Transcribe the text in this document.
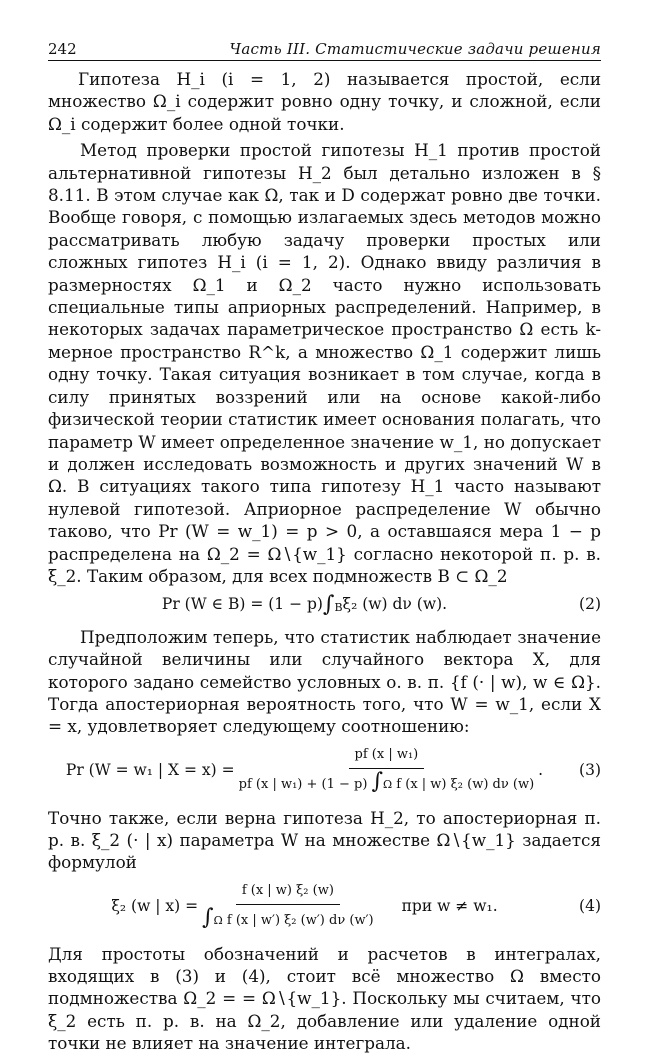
242	Часть III. Статистические задачи решения

Гипотеза H_i (i = 1, 2) называется простой, если множество Ω_i содержит ровно одну точку, и сложной, если Ω_i содержит более одной точки.

Метод проверки простой гипотезы H_1 против простой альтернативной гипотезы H_2 был детально изложен в § 8.11. В этом случае как Ω, так и D содержат ровно две точки. Вообще говоря, с помощью излагаемых здесь методов можно рассматривать любую задачу проверки простых или сложных гипотез H_i (i = 1, 2). Однако ввиду различия в размерностях Ω_1 и Ω_2 часто нужно использовать специальные типы априорных распределений. Например, в некоторых задачах параметрическое пространство Ω есть k-мерное пространство R^k, а множество Ω_1 содержит лишь одну точку. Такая ситуация возникает в том случае, когда в силу принятых воззрений или на основе какой-либо физической теории статистик имеет основания полагать, что параметр W имеет определенное значение w_1, но допускает и должен исследовать возможность и других значений W в Ω. В ситуациях такого типа гипотезу H_1 часто называют нулевой гипотезой. Априорное распределение W обычно таково, что Pr (W = w_1) = p > 0, а оставшаяся мера 1 − p распределена на Ω_2 = Ω∖{w_1} согласно некоторой п. р. в. ξ_2. Таким образом, для всех подмножеств B ⊂ Ω_2

Pr (W ∈ B) = (1 − p) ∫B ξ₂ (w) dν (w).	(2)

Предположим теперь, что статистик наблюдает значение случайной величины или случайного вектора X, для которого задано семейство условных о. в. п. {f (· | w), w ∈ Ω}. Тогда апостериорная вероятность того, что W = w_1, если X = x, удовлетворяет следующему соотношению:

Pr (W = w₁ | X = x) =
pf (x | w₁)
pf (x | w₁) + (1 − p) ∫Ω f (x | w) ξ₂ (w) dν (w)
.	(3)

Точно также, если верна гипотеза H_2, то апостериорная п. р. в. ξ_2 (· | x) параметра W на множестве Ω∖{w_1} задается формулой

ξ₂ (w | $x) = \frac{\text{f (x | w) ξ₂ (w)}}{\text{∫Ω f (x | w′) ξ₂ (w′) dν (w′)}}$ при w ≠ w₁.	(4)

Для простоты обозначений и расчетов в интегралах, входящих в (3) и (4), стоит всё множество Ω вместо подмножества Ω_2 = = Ω∖{w_1}. Поскольку мы считаем, что ξ_2 есть п. р. в. на Ω_2, добавление или удаление одной точки не влияет на значение интеграла.
